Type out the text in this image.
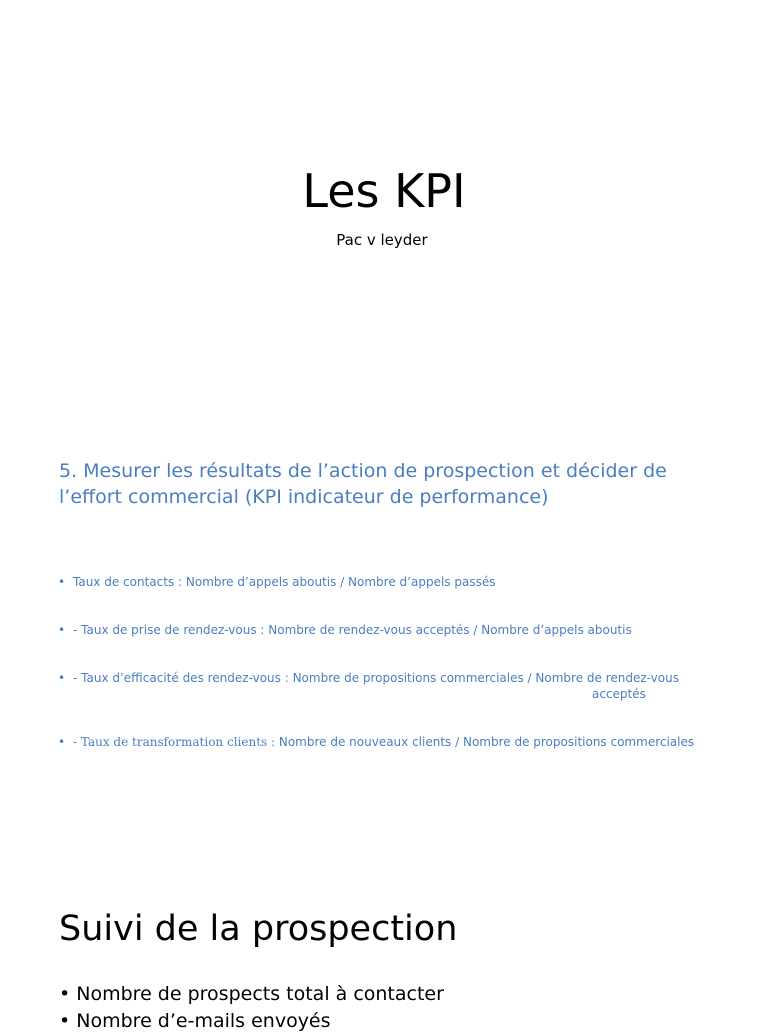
Les KPI
Pac v leyder
5. Mesurer les résultats de l’action de prospection et décider de l’effort commercial (KPI indicateur de performance)
• Taux de contacts : Nombre d’appels aboutis / Nombre d’appels passés
• - Taux de prise de rendez-vous : Nombre de rendez-vous acceptés / Nombre d’appels aboutis
• - Taux d’efficacité des rendez-vous : Nombre de propositions commerciales / Nombre de rendez-vous
acceptés
• - Taux de transformation clients : Nombre de nouveaux clients / Nombre de propositions commerciales
Suivi de la prospection
• Nombre de prospects total à contacter
• Nombre d’e-mails envoyés
